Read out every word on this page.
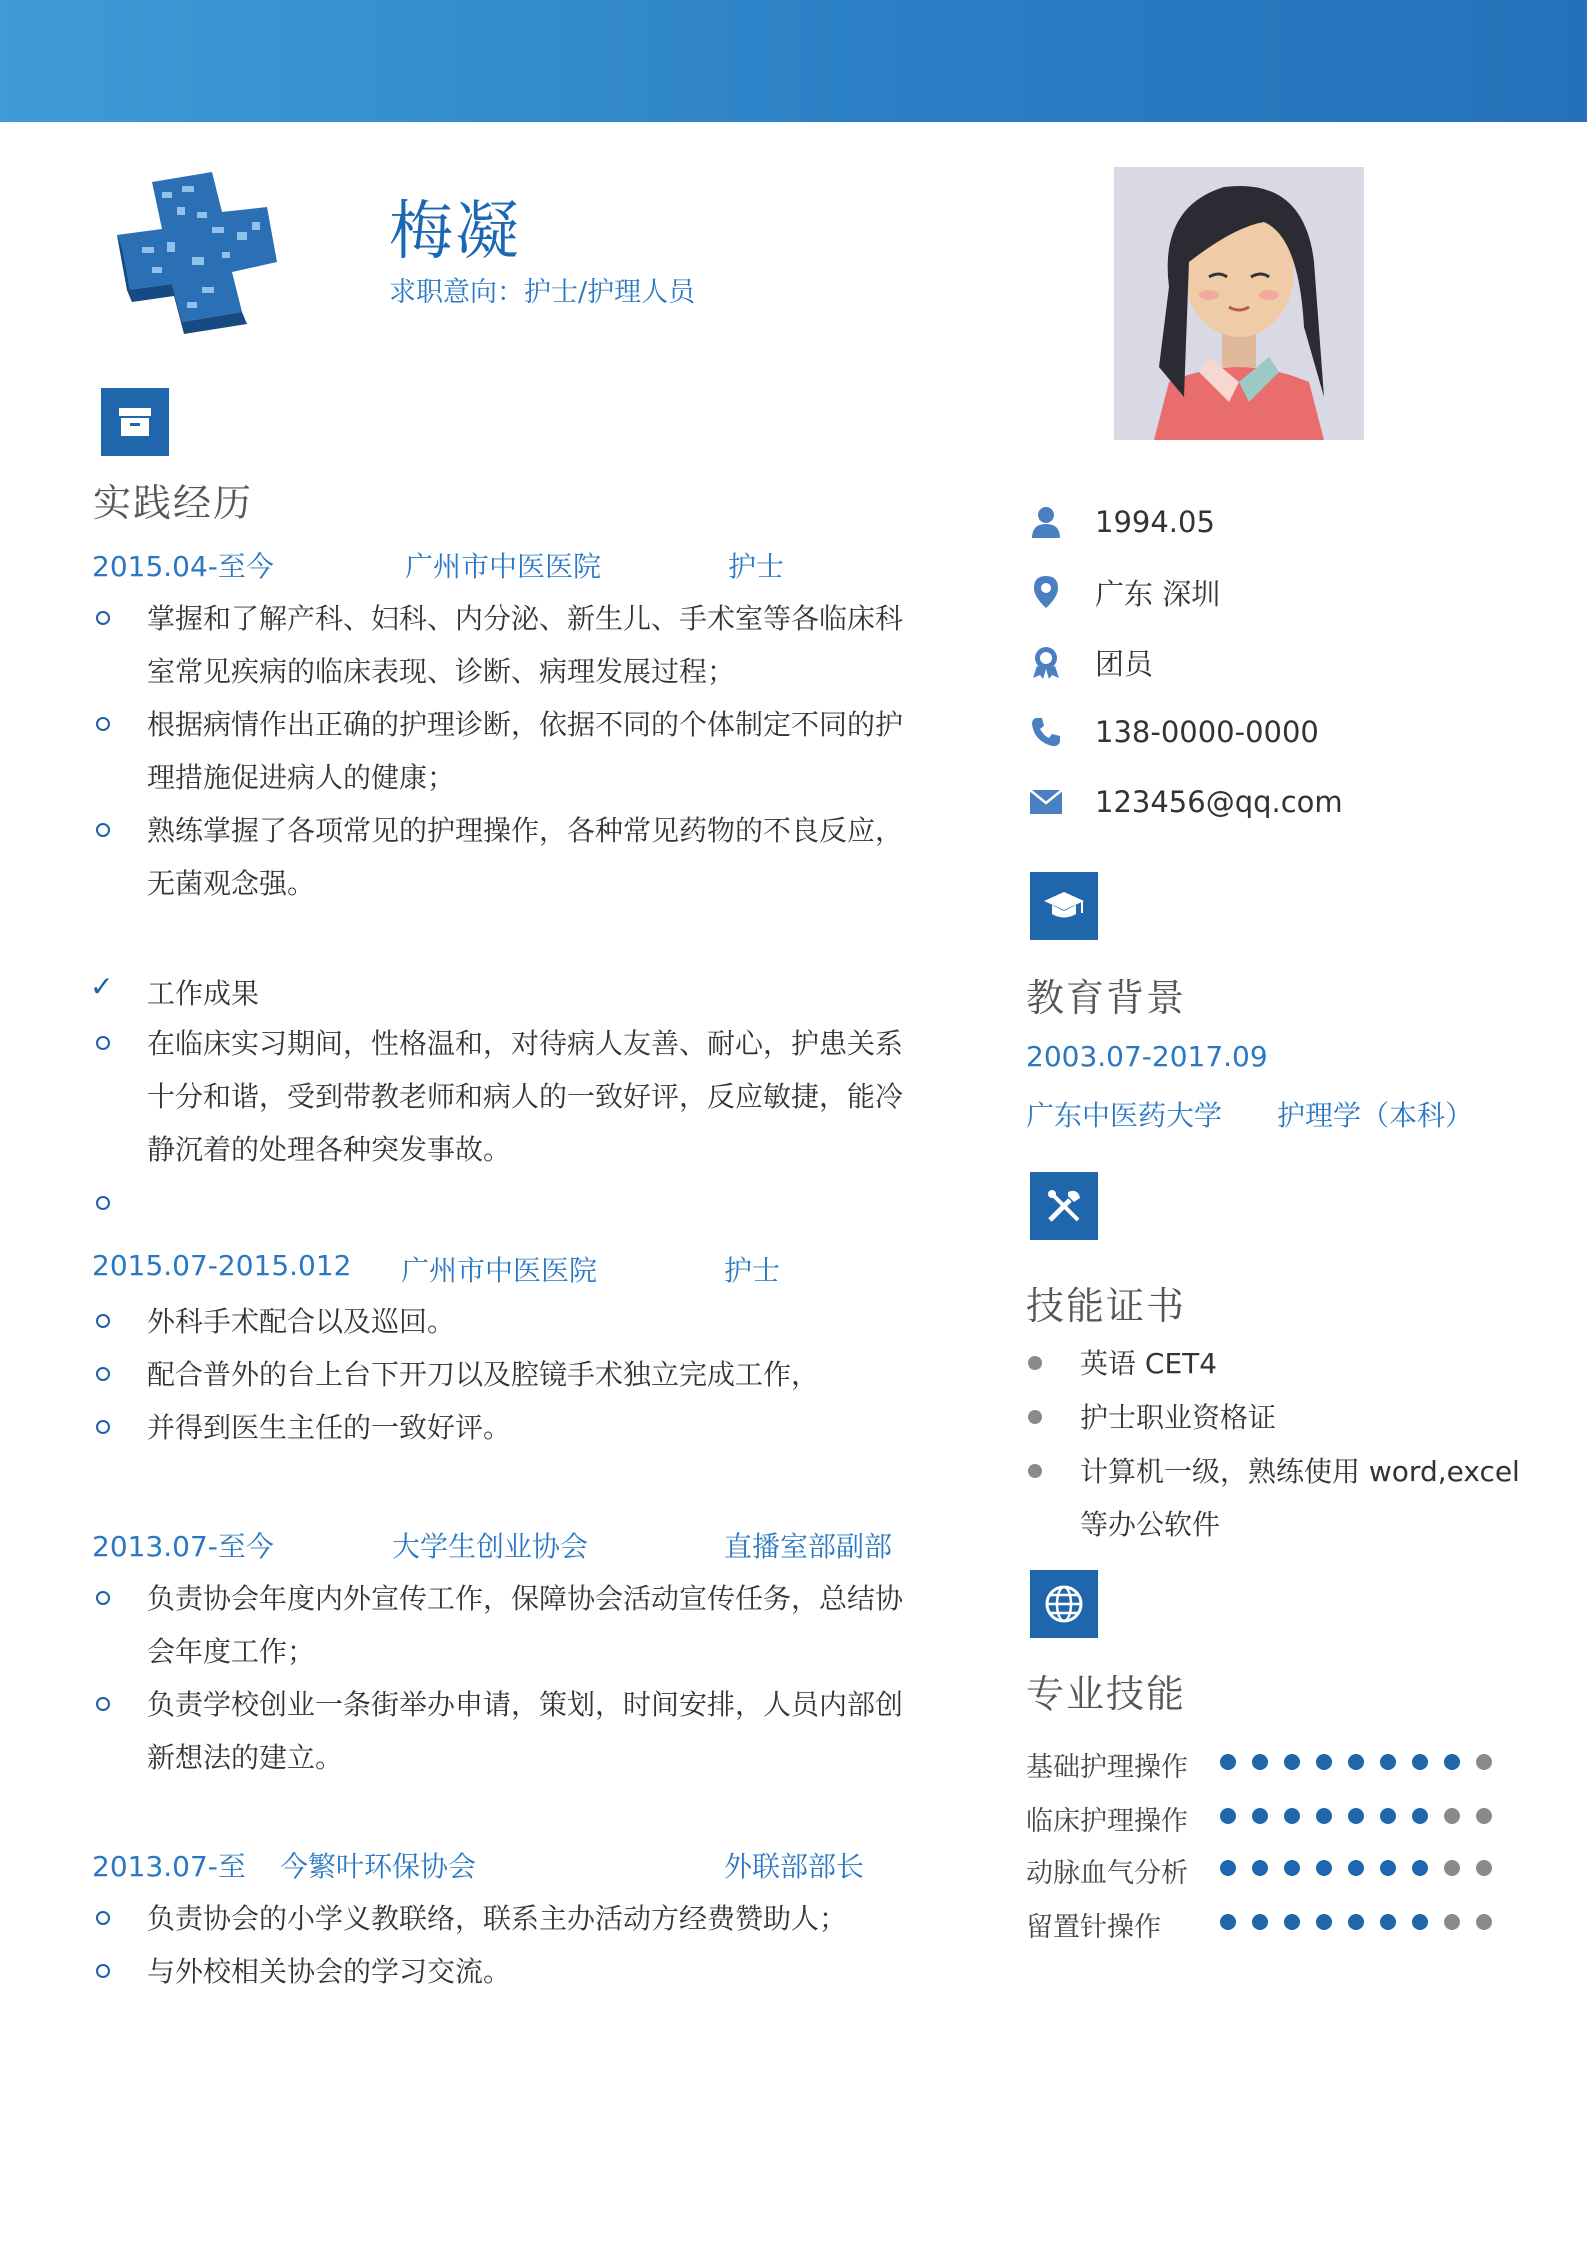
梅凝
求职意向：护士/护理人员
实践经历
2015.04-至今	广州市中医医院	护士
掌握和了解产科、妇科、内分泌、新生儿、手术室等各临床科室常见疾病的临床表现、诊断、病理发展过程；
根据病情作出正确的护理诊断，依据不同的个体制定不同的护理措施促进病人的健康；
熟练掌握了各项常见的护理操作，各种常见药物的不良反应，无菌观念强。
✓ 工作成果
在临床实习期间，性格温和，对待病人友善、耐心，护患关系十分和谐，受到带教老师和病人的一致好评，反应敏捷，能冷静沉着的处理各种突发事故。
2015.07-2015.012 广州市中医医院	护士
外科手术配合以及巡回。
配合普外的台上台下开刀以及腔镜手术独立完成工作，
并得到医生主任的一致好评。
2013.07-至今	大学生创业协会	直播室部副部
负责协会年度内外宣传工作，保障协会活动宣传任务，总结协会年度工作；
负责学校创业一条街举办申请，策划，时间安排，人员内部创新想法的建立。
2013.07-至 今繁叶环保协会	外联部部长
负责协会的小学义教联络，联系主办活动方经费赞助人；
与外校相关协会的学习交流。
1994.05
广东 深圳
团员
138-0000-0000
123456@qq.com
教育背景
2003.07-2017.09
广东中医药大学 护理学（本科）
技能证书
英语 CET4
护士职业资格证
计算机一级，熟练使用 word,excel 等办公软件
专业技能
基础护理操作
临床护理操作
动脉血气分析
留置针操作
